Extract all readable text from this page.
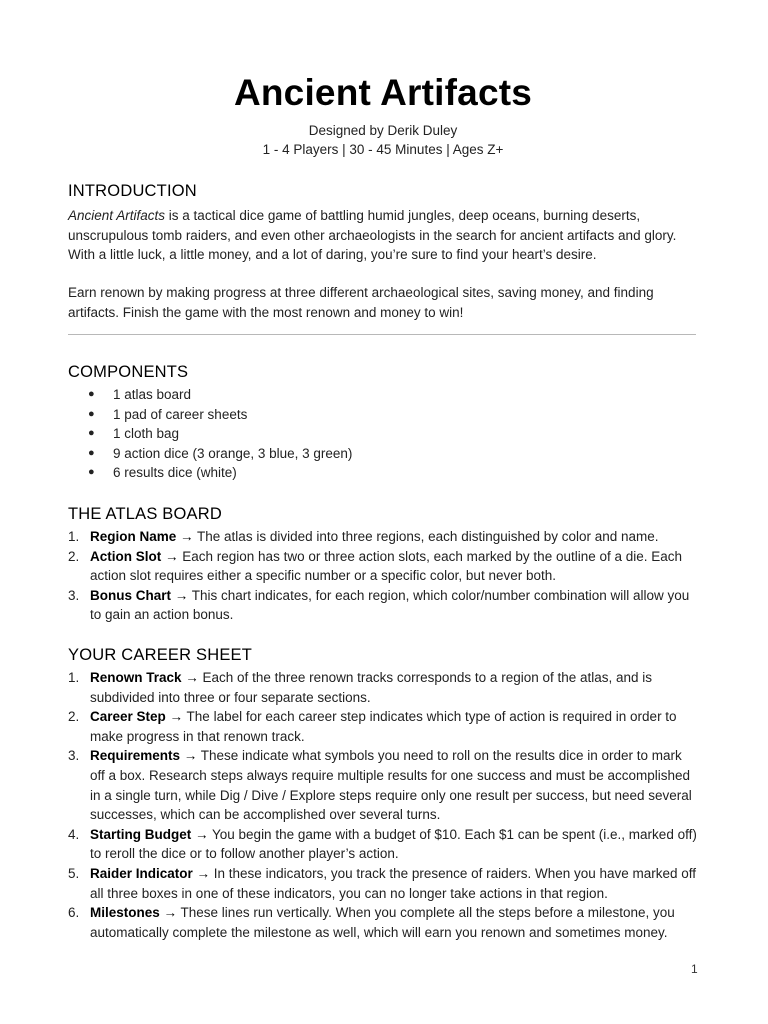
Ancient Artifacts
Designed by Derik Duley
1 - 4 Players | 30 - 45 Minutes | Ages Z+
INTRODUCTION

Ancient Artifacts is a tactical dice game of battling humid jungles, deep oceans, burning deserts, unscrupulous tomb raiders, and even other archaeologists in the search for ancient artifacts and glory. With a little luck, a little money, and a lot of daring, you’re sure to find your heart’s desire.

Earn renown by making progress at three different archaeological sites, saving money, and finding artifacts. Finish the game with the most renown and money to win!

COMPONENTS
● 1 atlas board
● 1 pad of career sheets
● 1 cloth bag
● 9 action dice (3 orange, 3 blue, 3 green)
● 6 results dice (white)
THE ATLAS BOARD
1. Region Name → The atlas is divided into three regions, each distinguished by color and name.
2. Action Slot → Each region has two or three action slots, each marked by the outline of a die. Each action slot requires either a specific number or a specific color, but never both.
3. Bonus Chart → This chart indicates, for each region, which color/number combination will allow you to gain an action bonus.
YOUR CAREER SHEET
1. Renown Track → Each of the three renown tracks corresponds to a region of the atlas, and is subdivided into three or four separate sections.
2. Career Step → The label for each career step indicates which type of action is required in order to make progress in that renown track.
3. Requirements → These indicate what symbols you need to roll on the results dice in order to mark off a box. Research steps always require multiple results for one success and must be accomplished in a single turn, while Dig / Dive / Explore steps require only one result per success, but need several successes, which can be accomplished over several turns.
4. Starting Budget → You begin the game with a budget of $10. Each $1 can be spent (i.e., marked off) to reroll the dice or to follow another player’s action.
5. Raider Indicator → In these indicators, you track the presence of raiders. When you have marked off all three boxes in one of these indicators, you can no longer take actions in that region.
6. Milestones → These lines run vertically. When you complete all the steps before a milestone, you automatically complete the milestone as well, which will earn you renown and sometimes money.
1
